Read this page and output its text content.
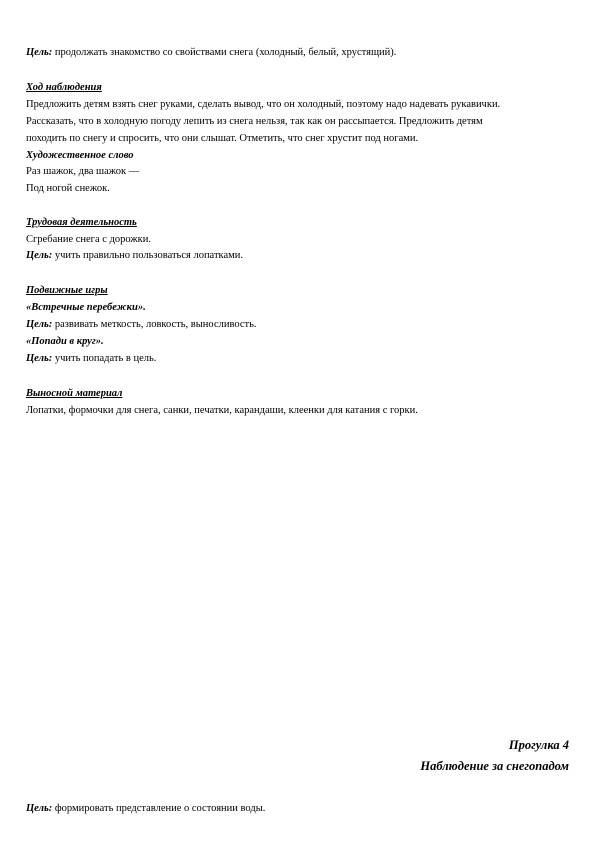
Цель: продолжать знакомство со свойствами снега (холодный, белый, хрустящий).
Ход наблюдения
Предложить детям взять снег руками, сделать вывод, что он холодный, поэтому надо надевать рукавички.
Рассказать, что в холодную погоду лепить из снега нельзя, так как он рассыпается. Предложить детям
походить по снегу и спросить, что они слышат. Отметить, что снег хрустит под ногами.
Художественное слово
Раз шажок, два шажок —
Под ногой снежок.
Трудовая деятельность
Сгребание снега с дорожки.
Цель: учить правильно пользоваться лопатками.
Подвижные игры
«Встречные перебежки».
Цель: развивать меткость, ловкость, выносливость.
«Попади в круг».
Цель: учить попадать в цель.
Выносной материал
Лопатки, формочки для снега, санки, печатки, карандаши, клеенки для катания с горки.
Прогулка 4
Наблюдение за снегопадом
Цель: формировать представление о состоянии воды.
